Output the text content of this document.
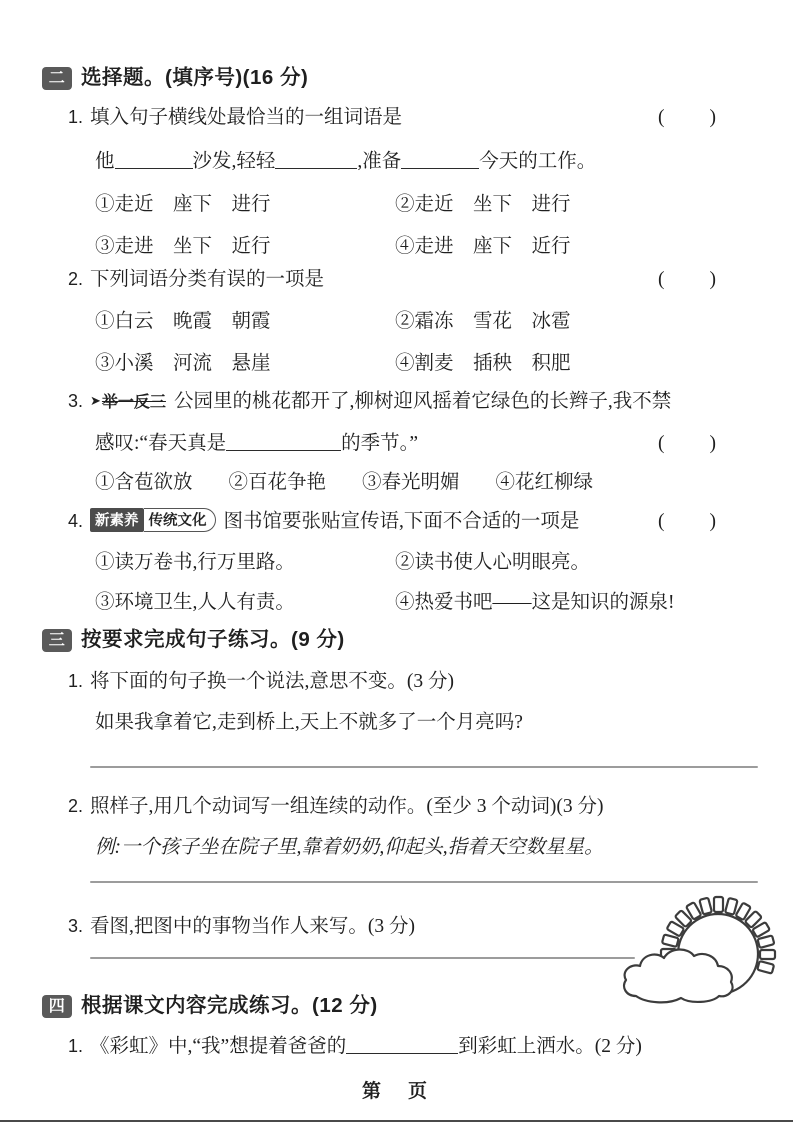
二 选择题。(填序号)(16 分)
1. 填入句子横线处最恰当的一组词语是	(　　)
他	沙发,轻轻	,准备	今天的工作。
①走近　座下　进行	②走近　坐下　进行
③走进　坐下　近行	④走进　座下　近行
2. 下列词语分类有误的一项是	(　　)
①白云　晚霞　朝霞	②霜冻　雪花　冰雹
③小溪　河流　悬崖	④割麦　插秧　积肥
3. ➤举一反三 公园里的桃花都开了,柳树迎风摇着它绿色的长辫子,我不禁
感叹:“春天真是	的季节。”	(　　)
①含苞欲放 ②百花争艳 ③春光明媚 ④花红柳绿
4. 新素养 传统文化 图书馆要张贴宣传语,下面不合适的一项是	(　　)
①读万卷书,行万里路。	②读书使人心明眼亮。
③环境卫生,人人有责。	④热爱书吧——这是知识的源泉!
三 按要求完成句子练习。(9 分)
1. 将下面的句子换一个说法,意思不变。(3 分)
如果我拿着它,走到桥上,天上不就多了一个月亮吗?
2. 照样子,用几个动词写一组连续的动作。(至少 3 个动词)(3 分)
例:一个孩子坐在院子里,靠着奶奶,仰起头,指着天空数星星。
3. 看图,把图中的事物当作人来写。(3 分)
四 根据课文内容完成练习。(12 分)
1. 《彩虹》中,“我”想提着爸爸的	到彩虹上洒水。(2 分)
第　页
